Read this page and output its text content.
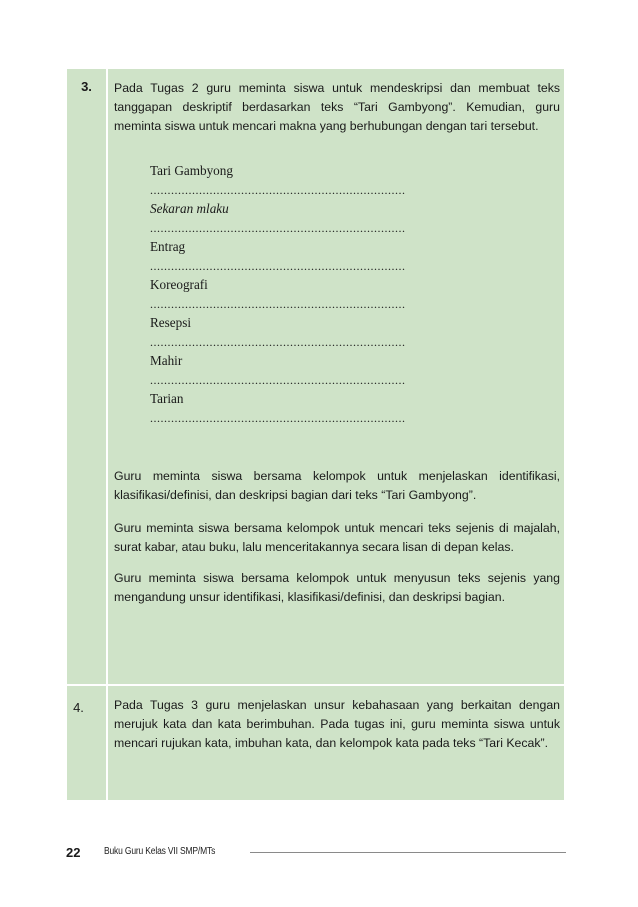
3.	Pada Tugas 2 guru meminta siswa untuk mendeskripsi dan membuat teks tanggapan deskriptif berdasarkan teks “Tari Gambyong”. Kemudian, guru meminta siswa untuk mencari makna yang berhubungan dengan tari tersebut.

Tari Gambyong
.........................................................................
Sekaran mlaku
.........................................................................
Entrag
.........................................................................
Koreografi
.........................................................................
Resepsi
.........................................................................
Mahir
.........................................................................
Tarian
.........................................................................

Guru meminta siswa bersama kelompok untuk menjelaskan identifikasi, klasifikasi/definisi, dan deskripsi bagian dari teks “Tari Gambyong”.

Guru meminta siswa bersama kelompok untuk mencari teks sejenis di majalah, surat kabar, atau buku, lalu menceritakannya secara lisan di depan kelas.

Guru meminta siswa bersama kelompok untuk menyusun teks sejenis yang mengandung unsur identifikasi, klasifikasi/definisi, dan deskripsi bagian.

4.	Pada Tugas 3 guru menjelaskan unsur kebahasaan yang berkaitan dengan merujuk kata dan kata berimbuhan. Pada tugas ini, guru meminta siswa untuk mencari rujukan kata, imbuhan kata, dan kelompok kata pada teks “Tari Kecak”.

22 Buku Guru Kelas VII SMP/MTs
